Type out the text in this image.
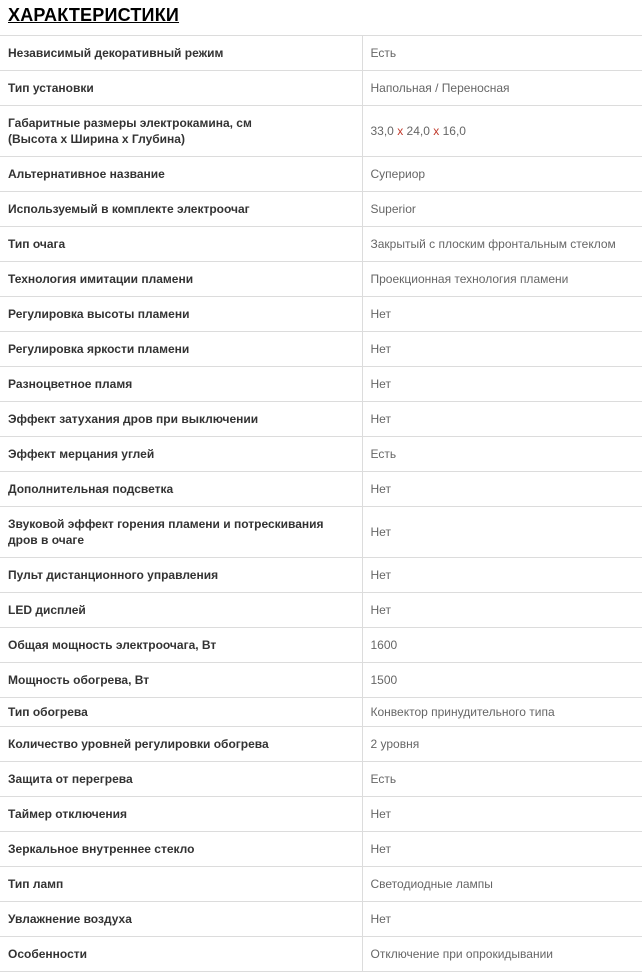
ХАРАКТЕРИСТИКИ
Независимый декоративный режим	Есть
Тип установки	Напольная / Переносная

Габаритные размеры электрокамина, см
(Высота x Ширина x Глубина)	33,0 x 24,0 x 16,0
Альтернативное название	Супериор
Используемый в комплекте электроочаг	Superior
Тип очага	Закрытый с плоским фронтальным стеклом
Технология имитации пламени	Проекционная технология пламени
Регулировка высоты пламени	Нет
Регулировка яркости пламени	Нет
Разноцветное пламя	Нет
Эффект затухания дров при выключении	Нет
Эффект мерцания углей	Есть
Дополнительная подсветка	Нет

Звуковой эффект горения пламени и потрескивания
дров в очаге	Нет
Пульт дистанционного управления	Нет
LED дисплей	Нет
Общая мощность электроочага, Вт	1600
Мощность обогрева, Вт	1500
Тип обогрева	Конвектор принудительного типа
Количество уровней регулировки обогрева	2 уровня
Защита от перегрева	Есть
Таймер отключения	Нет
Зеркальное внутреннее стекло	Нет
Тип ламп	Светодиодные лампы
Увлажнение воздуха	Нет
Особенности	Отключение при опрокидывании
